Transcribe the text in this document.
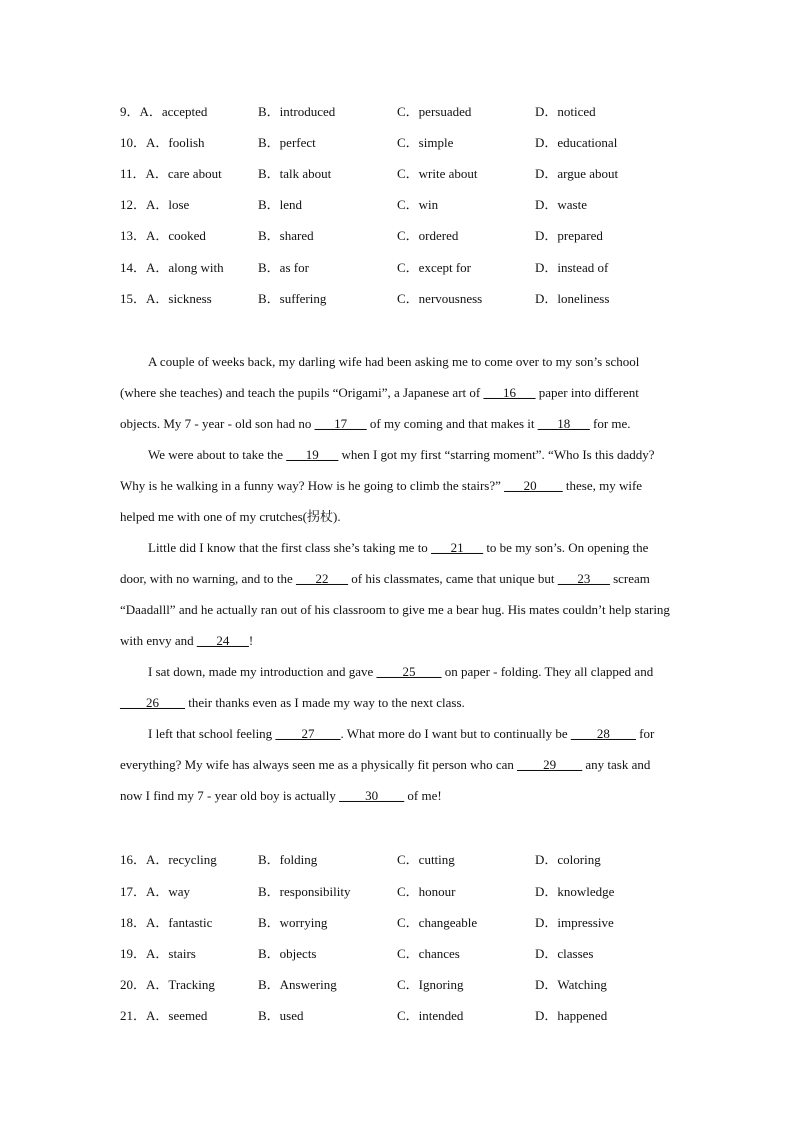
9．A．accepted	B．introduced	C．persuaded	D．noticed
10．A．foolish	B．perfect	C．simple	D．educational
11．A．care about	B．talk about	C．write about	D．argue about
12．A．lose	B．lend	C．win	D．waste
13．A．cooked	B．shared	C．ordered	D．prepared
14．A．along with	B．as for	C．except for	D．instead of
15．A．sickness	B．suffering	C．nervousness	D．loneliness

A couple of weeks back, my darling wife had been asking me to come over to my son’s school (where she teaches) and teach the pupils “Origami”, a Japanese art of ___16___ paper into different objects. My 7 - year - old son had no ___17___ of my coming and that makes it ___18___ for me.

We were about to take the ___19___ when I got my first “starring moment”. “Who Is this daddy? Why is he walking in a funny way? How is he going to climb the stairs?” ___20____ these, my wife helped me with one of my crutches(拐杖).

Little did I know that the first class she’s taking me to ___21___ to be my son’s. On opening the door, with no warning, and to the ___22___ of his classmates, came that unique but ___23___ scream “Daadalll” and he actually ran out of his classroom to give me a bear hug. His mates couldn’t help staring with envy and ___24___!

I sat down, made my introduction and gave ____25____ on paper - folding. They all clapped and ____26____ their thanks even as I made my way to the next class.

I left that school feeling ____27____. What more do I want but to continually be ____28____ for everything? My wife has always seen me as a physically fit person who can ____29____ any task and now I find my 7 - year old boy is actually ____30____ of me!

16．A．recycling	B．folding	C．cutting	D．coloring
17．A．way	B．responsibility	C．honour	D．knowledge
18．A．fantastic	B．worrying	C．changeable	D．impressive
19．A．stairs	B．objects	C．chances	D．classes
20．A．Tracking	B．Answering	C．Ignoring	D．Watching
21．A．seemed	B．used	C．intended	D．happened
